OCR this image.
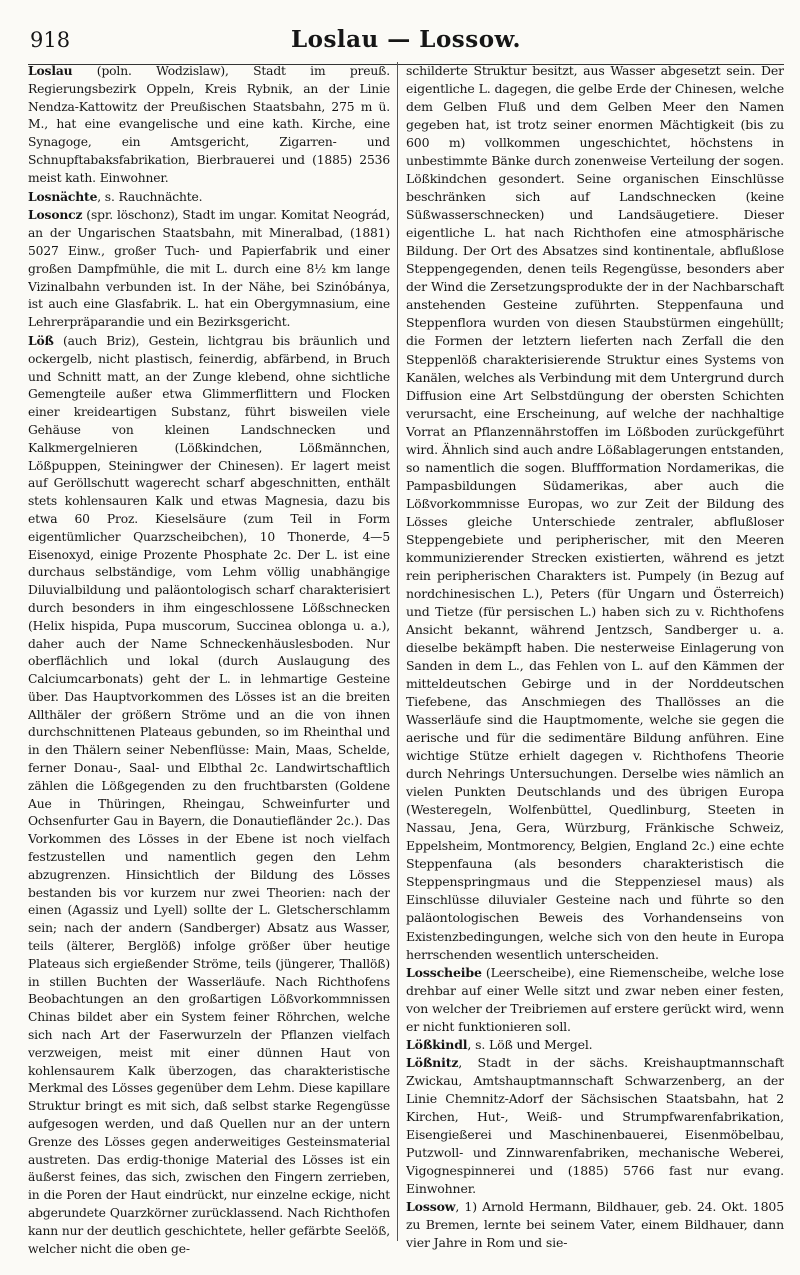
918	Loslau — Lossow.

Loslau (poln. Wodzislaw), Stadt im preuß. Regierungsbezirk Oppeln, Kreis Rybnik, an der Linie Nendza-Kattowitz der Preußischen Staatsbahn, 275 m ü. M., hat eine evangelische und eine kath. Kirche, eine Synagoge, ein Amtsgericht, Zigarren- und Schnupftabaksfabrikation, Bierbrauerei und (1885) 2536 meist kath. Einwohner.

Losnächte, s. Rauchnächte.

Losoncz (spr. löschonz), Stadt im ungar. Komitat Neográd, an der Ungarischen Staatsbahn, mit Mineralbad, (1881) 5027 Einw., großer Tuch- und Papierfabrik und einer großen Dampfmühle, die mit L. durch eine 8½ km lange Vizinalbahn verbunden ist. In der Nähe, bei Szinóbánya, ist auch eine Glasfabrik. L. hat ein Obergymnasium, eine Lehrerpräparandie und ein Bezirksgericht.

Löß (auch Briz), Gestein, lichtgrau bis bräunlich und ockergelb, nicht plastisch, feinerdig, abfärbend, in Bruch und Schnitt matt, an der Zunge klebend, ohne sichtliche Gemengteile außer etwa Glimmerflittern und Flocken einer kreideartigen Substanz, führt bisweilen viele Gehäuse von kleinen Landschnecken und Kalkmergelnieren (Lößkindchen, Lößmännchen, Lößpuppen, Steiningwer der Chinesen). Er lagert meist auf Geröllschutt wagerecht scharf abgeschnitten, enthält stets kohlensauren Kalk und etwas Magnesia, dazu bis etwa 60 Proz. Kieselsäure (zum Teil in Form eigentümlicher Quarzscheibchen), 10 Thonerde, 4—5 Eisenoxyd, einige Prozente Phosphate 2c. Der L. ist eine durchaus selbständige, vom Lehm völlig unabhängige Diluvialbildung und paläontologisch scharf charakterisiert durch besonders in ihm eingeschlossene Lößschnecken (Helix hispida, Pupa muscorum, Succinea oblonga u. a.), daher auch der Name Schneckenhäuslesboden. Nur oberflächlich und lokal (durch Auslaugung des Calciumcarbonats) geht der L. in lehmartige Gesteine über. Das Hauptvorkommen des Lösses ist an die breiten Allthäler der größern Ströme und an die von ihnen durchschnittenen Plateaus gebunden, so im Rheinthal und in den Thälern seiner Nebenflüsse: Main, Maas, Schelde, ferner Donau-, Saal- und Elbthal 2c. Landwirtschaftlich zählen die Lößgegenden zu den fruchtbarsten (Goldene Aue in Thüringen, Rheingau, Schweinfurter und Ochsenfurter Gau in Bayern, die Donautiefländer 2c.). Das Vorkommen des Lösses in der Ebene ist noch vielfach festzustellen und namentlich gegen den Lehm abzugrenzen. Hinsichtlich der Bildung des Lösses bestanden bis vor kurzem nur zwei Theorien: nach der einen (Agassiz und Lyell) sollte der L. Gletscherschlamm sein; nach der andern (Sandberger) Absatz aus Wasser, teils (älterer, Berglöß) infolge größer über heutige Plateaus sich ergießender Ströme, teils (jüngerer, Thallöß) in stillen Buchten der Wasserläufe. Nach Richthofens Beobachtungen an den großartigen Lößvorkommnissen Chinas bildet aber ein System feiner Röhrchen, welche sich nach Art der Faserwurzeln der Pflanzen vielfach verzweigen, meist mit einer dünnen Haut von kohlensaurem Kalk überzogen, das charakteristische Merkmal des Lösses gegenüber dem Lehm. Diese kapillare Struktur bringt es mit sich, daß selbst starke Regengüsse aufgesogen werden, und daß Quellen nur an der untern Grenze des Lösses gegen anderweitiges Gesteinsmaterial austreten. Das erdig-thonige Material des Lösses ist ein äußerst feines, das sich, zwischen den Fingern zerrieben, in die Poren der Haut eindrückt, nur einzelne eckige, nicht abgerundete Quarzkörner zurücklassend. Nach Richthofen kann nur der deutlich geschichtete, heller gefärbte Seelöß, welcher nicht die oben ge-

schilderte Struktur besitzt, aus Wasser abgesetzt sein. Der eigentliche L. dagegen, die gelbe Erde der Chinesen, welche dem Gelben Fluß und dem Gelben Meer den Namen gegeben hat, ist trotz seiner enormen Mächtigkeit (bis zu 600 m) vollkommen ungeschichtet, höchstens in unbestimmte Bänke durch zonenweise Verteilung der sogen. Lößkindchen gesondert. Seine organischen Einschlüsse beschränken sich auf Landschnecken (keine Süßwasserschnecken) und Landsäugetiere. Dieser eigentliche L. hat nach Richthofen eine atmosphärische Bildung. Der Ort des Absatzes sind kontinentale, abflußlose Steppengegenden, denen teils Regengüsse, besonders aber der Wind die Zersetzungsprodukte der in der Nachbarschaft anstehenden Gesteine zuführten. Steppenfauna und Steppenflora wurden von diesen Staubstürmen eingehüllt; die Formen der letztern lieferten nach Zerfall die den Steppenlöß charakterisierende Struktur eines Systems von Kanälen, welches als Verbindung mit dem Untergrund durch Diffusion eine Art Selbstdüngung der obersten Schichten verursacht, eine Erscheinung, auf welche der nachhaltige Vorrat an Pflanzennährstoffen im Lößboden zurückgeführt wird. Ähnlich sind auch andre Lößablagerungen entstanden, so namentlich die sogen. Bluffformation Nordamerikas, die Pampasbildungen Südamerikas, aber auch die Lößvorkommnisse Europas, wo zur Zeit der Bildung des Lösses gleiche Unterschiede zentraler, abflußloser Steppengebiete und peripherischer, mit den Meeren kommunizierender Strecken existierten, während es jetzt rein peripherischen Charakters ist. Pumpely (in Bezug auf nordchinesischen L.), Peters (für Ungarn und Österreich) und Tietze (für persischen L.) haben sich zu v. Richthofens Ansicht bekannt, während Jentzsch, Sandberger u. a. dieselbe bekämpft haben. Die nesterweise Einlagerung von Sanden in dem L., das Fehlen von L. auf den Kämmen der mitteldeutschen Gebirge und in der Norddeutschen Tiefebene, das Anschmiegen des Thallösses an die Wasserläufe sind die Hauptmomente, welche sie gegen die aerische und für die sedimentäre Bildung anführen. Eine wichtige Stütze erhielt dagegen v. Richthofens Theorie durch Nehrings Untersuchungen. Derselbe wies nämlich an vielen Punkten Deutschlands und des übrigen Europa (Westeregeln, Wolfenbüttel, Quedlinburg, Steeten in Nassau, Jena, Gera, Würzburg, Fränkische Schweiz, Eppelsheim, Montmorency, Belgien, England 2c.) eine echte Steppenfauna (als besonders charakteristisch die Steppenspringmaus und die Steppenziesel maus) als Einschlüsse diluvialer Gesteine nach und führte so den paläontologischen Beweis des Vorhandenseins von Existenzbedingungen, welche sich von den heute in Europa herrschenden wesentlich unterscheiden.

Losscheibe (Leerscheibe), eine Riemenscheibe, welche lose drehbar auf einer Welle sitzt und zwar neben einer festen, von welcher der Treibriemen auf erstere gerückt wird, wenn er nicht funktionieren soll.

Lößkindl, s. Löß und Mergel.

Lößnitz, Stadt in der sächs. Kreishauptmannschaft Zwickau, Amtshauptmannschaft Schwarzenberg, an der Linie Chemnitz-Adorf der Sächsischen Staatsbahn, hat 2 Kirchen, Hut-, Weiß- und Strumpfwarenfabrikation, Eisengießerei und Maschinenbauerei, Eisenmöbelbau, Putzwoll- und Zinnwarenfabriken, mechanische Weberei, Vigognespinnerei und (1885) 5766 fast nur evang. Einwohner.

Lossow, 1) Arnold Hermann, Bildhauer, geb. 24. Okt. 1805 zu Bremen, lernte bei seinem Vater, einem Bildhauer, dann vier Jahre in Rom und sie-
